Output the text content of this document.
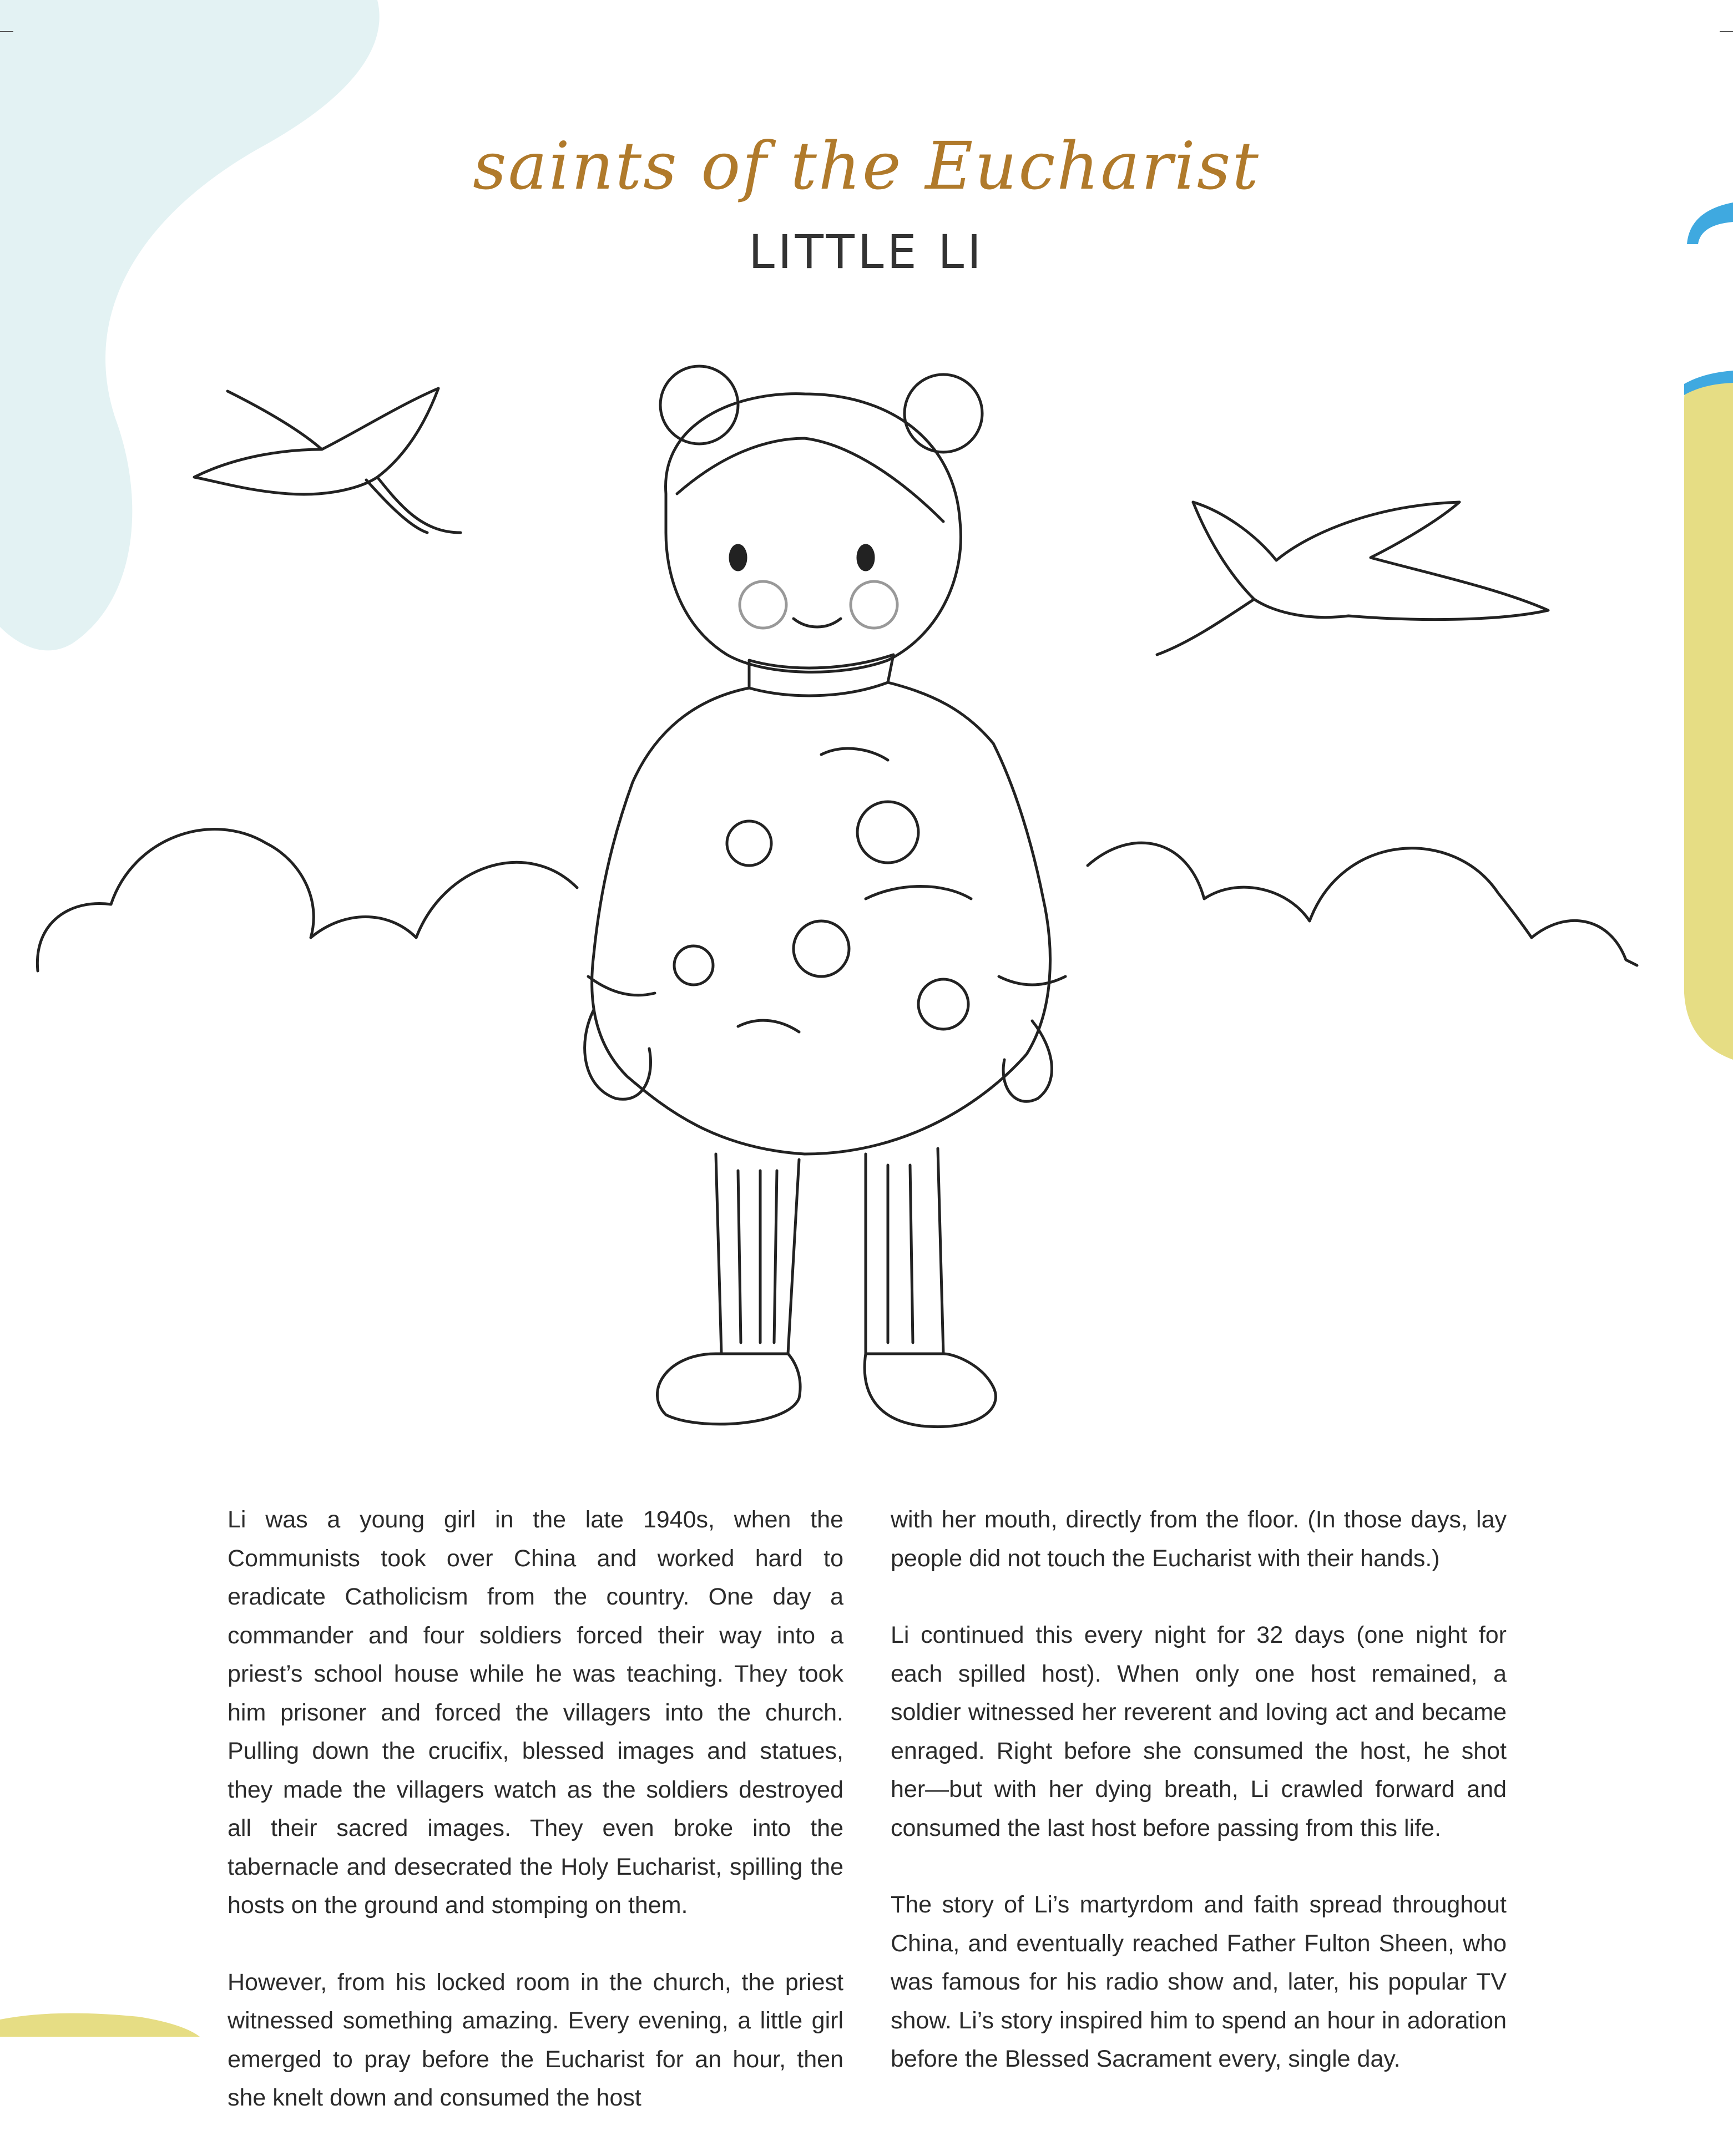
saints of the Eucharist
LITTLE LI

Li was a young girl in the late 1940s, when the Communists took over China and worked hard to eradicate Catholicism from the country. One day a commander and four soldiers forced their way into a priest’s school house while he was teaching. They took him prisoner and forced the villagers into the church. Pulling down the crucifix, blessed images and statues, they made the villagers watch as the soldiers destroyed all their sacred images. They even broke into the tabernacle and desecrated the Holy Eucharist, spilling the hosts on the ground and stomping on them.

However, from his locked room in the church, the priest witnessed something amazing. Every evening, a little girl emerged to pray before the Eucharist for an hour, then she knelt down and consumed the host

with her mouth, directly from the floor. (In those days, lay people did not touch the Eucharist with their hands.)

Li continued this every night for 32 days (one night for each spilled host). When only one host remained, a soldier witnessed her reverent and loving act and became enraged. Right before she consumed the host, he shot her—but with her dying breath, Li crawled forward and consumed the last host before passing from this life.

The story of Li’s martyrdom and faith spread throughout China, and eventually reached Father Fulton Sheen, who was famous for his radio show and, later, his popular TV show. Li’s story inspired him to spend an hour in adoration before the Blessed Sacrament every, single day.
